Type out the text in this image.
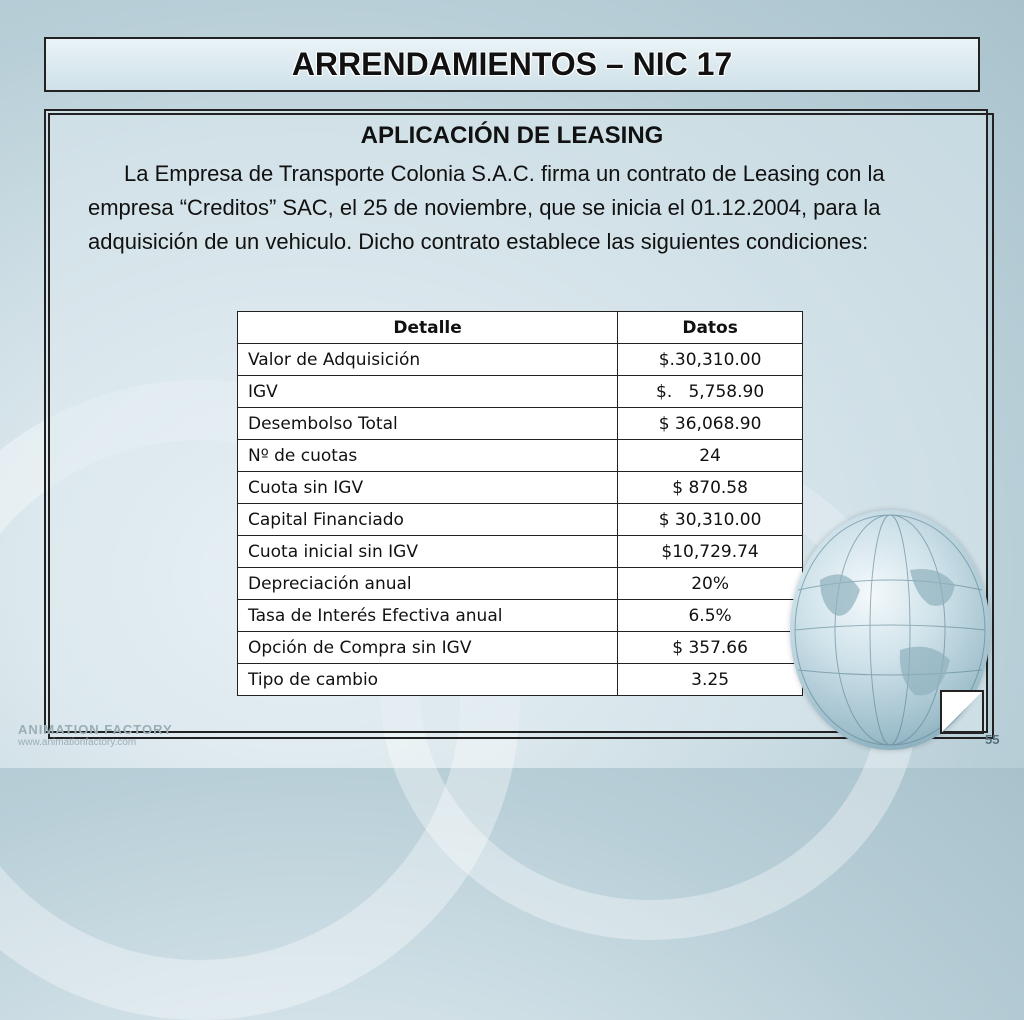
ARRENDAMIENTOS – NIC 17
APLICACIÓN DE LEASING
La Empresa de Transporte Colonia S.A.C. firma un contrato de Leasing con la empresa “Creditos” SAC, el 25 de noviembre, que se inicia el 01.12.2004, para la adquisición de un vehiculo. Dicho contrato establece las siguientes condiciones:
Detalle	Datos
Valor de Adquisición	$.30,310.00
IGV	$.   5,758.90
Desembolso Total	$ 36,068.90
Nº de cuotas	24
Cuota sin IGV	$ 870.58
Capital Financiado	$ 30,310.00
Cuota inicial sin IGV	$10,729.74
Depreciación anual	20%
Tasa de Interés Efectiva anual	6.5%
Opción de Compra sin IGV	$ 357.66
Tipo de cambio	3.25
ANIMATION FACTORY
www.animationfactory.com	55
